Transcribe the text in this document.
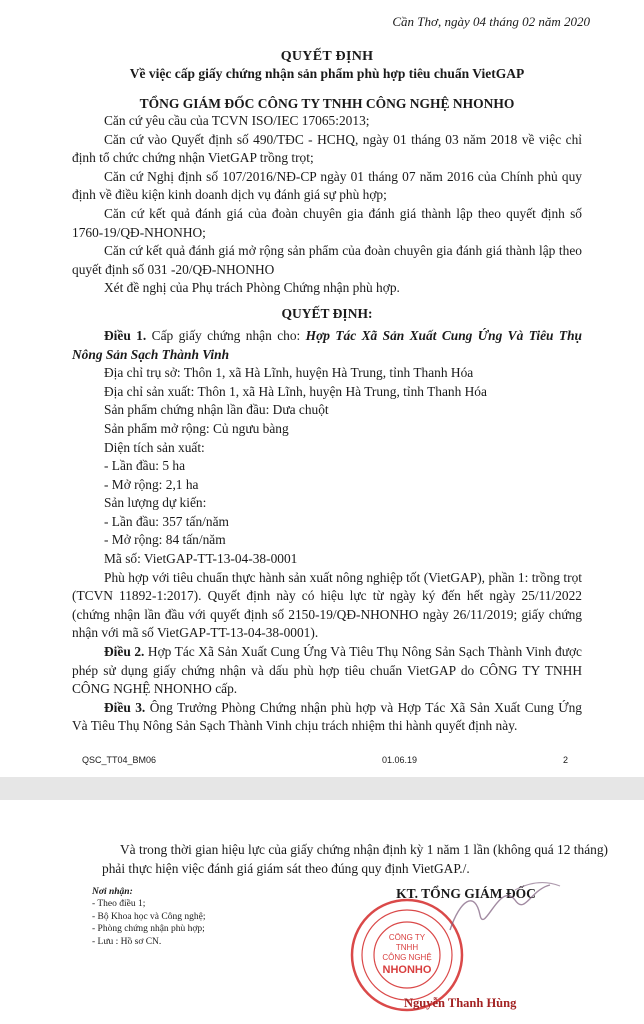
Cần Thơ, ngày 04 tháng 02 năm 2020
QUYẾT ĐỊNH
Về việc cấp giấy chứng nhận sản phẩm phù hợp tiêu chuẩn VietGAP
TỔNG GIÁM ĐỐC CÔNG TY TNHH CÔNG NGHỆ NHONHO
Căn cứ yêu cầu của TCVN ISO/IEC 17065:2013;
Căn cứ vào Quyết định số 490/TĐC - HCHQ, ngày 01 tháng 03 năm 2018 về việc chỉ định tổ chức chứng nhận VietGAP trồng trọt;
Căn cứ Nghị định số 107/2016/NĐ-CP ngày 01 tháng 07 năm 2016 của Chính phủ quy định về điều kiện kinh doanh dịch vụ đánh giá sự phù hợp;
Căn cứ kết quả đánh giá của đoàn chuyên gia đánh giá thành lập theo quyết định số 1760-19/QĐ-NHONHO;
Căn cứ kết quả đánh giá mở rộng sản phẩm của đoàn chuyên gia đánh giá thành lập theo quyết định số 031 -20/QĐ-NHONHO
Xét đề nghị của Phụ trách Phòng Chứng nhận phù hợp.
QUYẾT ĐỊNH:
Điều 1. Cấp giấy chứng nhận cho: Hợp Tác Xã Sản Xuất Cung Ứng Và Tiêu Thụ Nông Sản Sạch Thành Vinh
Địa chỉ trụ sở: Thôn 1, xã Hà Lĩnh, huyện Hà Trung, tỉnh Thanh Hóa
Địa chỉ sản xuất: Thôn 1, xã Hà Lĩnh, huyện Hà Trung, tỉnh Thanh Hóa
Sản phẩm chứng nhận lần đầu: Dưa chuột
Sản phẩm mở rộng: Củ ngưu bàng
Diện tích sản xuất:
- Lần đầu: 5 ha
- Mở rộng: 2,1 ha
Sản lượng dự kiến:
- Lần đầu: 357 tấn/năm
- Mở rộng: 84 tấn/năm
Mã số: VietGAP-TT-13-04-38-0001
Phù hợp với tiêu chuẩn thực hành sản xuất nông nghiệp tốt (VietGAP), phần 1: trồng trọt (TCVN 11892-1:2017). Quyết định này có hiệu lực từ ngày ký đến hết ngày 25/11/2022 (chứng nhận lần đầu với quyết định số 2150-19/QĐ-NHONHO ngày 26/11/2019; giấy chứng nhận với mã số VietGAP-TT-13-04-38-0001).
Điều 2. Hợp Tác Xã Sản Xuất Cung Ứng Và Tiêu Thụ Nông Sản Sạch Thành Vinh được phép sử dụng giấy chứng nhận và dấu phù hợp tiêu chuẩn VietGAP do CÔNG TY TNHH CÔNG NGHỆ NHONHO cấp.
Điều 3. Ông Trưởng Phòng Chứng nhận phù hợp và Hợp Tác Xã Sản Xuất Cung Ứng Và Tiêu Thụ Nông Sản Sạch Thành Vinh chịu trách nhiệm thi hành quyết định này.
QSC_TT04_BM06	01.06.19	2
Và trong thời gian hiệu lực của giấy chứng nhận định kỳ 1 năm 1 lần (không quá 12 tháng) phải thực hiện việc đánh giá giám sát theo đúng quy định VietGAP./.
Nơi nhận:
- Theo điều 1;
- Bộ Khoa học và Công nghệ;
- Phòng chứng nhận phù hợp;
- Lưu : Hồ sơ CN.	CÔNG TY
TNHH
CÔNG NGHỆ
NHONHO
KT. TỔNG GIÁM ĐỐC
Nguyễn Thanh Hùng
